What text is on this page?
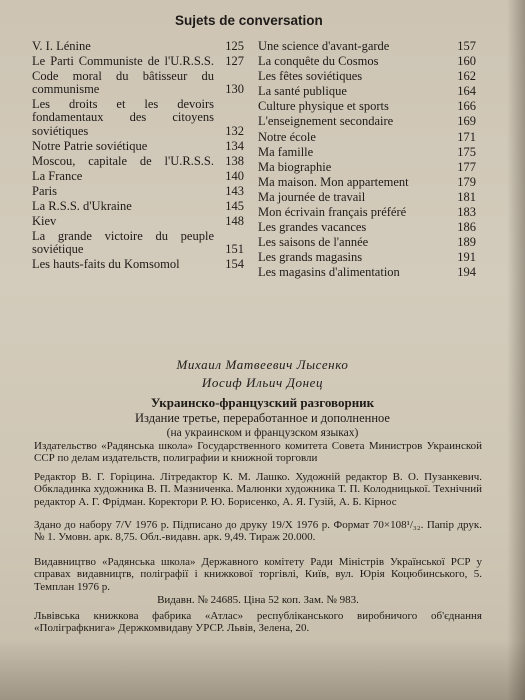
Sujets de conversation
V. I. Lénine	125
Le Parti Communiste de l'U.R.S.S. 127
Code moral du bâtisseur du communisme	130
Les droits et les devoirs fondamentaux des citoyens soviétiques	132
Notre Patrie soviétique	134
Moscou, capitale de l'U.R.S.S. 138
La France	140
Paris	143
La R.S.S. d'Ukraine	145
Kiev	148
La grande victoire du peuple soviétique	151
Les hauts-faits du Komsomol	154
Une science d'avant-garde	157
La conquête du Cosmos	160
Les fêtes soviétiques	162
La santé publique	164
Culture physique et sports	166
L'enseignement secondaire	169
Notre école	171
Ma famille	175
Ma biographie	177
Ma maison. Mon appartement	179
Ma journée de travail	181
Mon écrivain français préféré	183
Les grandes vacances	186
Les saisons de l'année	189
Les grands magasins	191
Les magasins d'alimentation	194
Михаил Матвеевич Лысенко
Иосиф Ильич Донец
Украинско-французский разговорник
Издание третье, переработанное и дополненное
(на украинском и французском языках)
Издательство «Радянська школа» Государственного комитета Совета Министров Украинской ССР по делам издательств, полиграфии и книжной торговли
Редактор В. Г. Горіцина. Літредактор К. М. Лашко. Художній редактор В. О. Пузанкевич. Обкладинка художника В. П. Мазниченка. Малюнки художника Т. П. Колодницької. Технічний редактор А. Г. Фрідман. Коректори Р. Ю. Борисенко, А. Я. Гузій, А. Б. Кірнос
Здано до набору 7/V 1976 р. Підписано до друку 19/X 1976 р. Формат 70×108¹/₃₂. Папір друк. № 1. Умовн. арк. 8,75. Обл.-видавн. арк. 9,49. Тираж 20.000.
Видавництво «Радянська школа» Державного комітету Ради Міністрів Української РСР у справах видавництв, поліграфії і книжкової торгівлі, Київ, вул. Юрія Коцюбинського, 5. Темплан 1976 р.
Видавн. № 24685. Ціна 52 коп. Зам. № 983.
Львівська книжкова фабрика «Атлас» республіканського виробничого об'єднання «Поліграфкнига» Держкомвидаву УРСР. Львів, Зелена, 20.
